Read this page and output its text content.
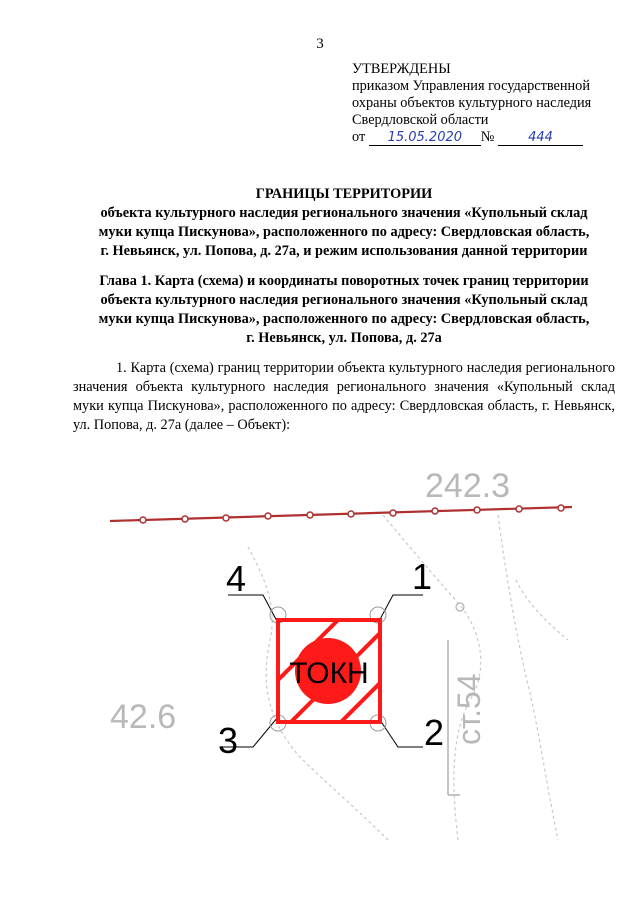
3
УТВЕРЖДЕНЫ
приказом Управления государственной
охраны объектов культурного наследия
Свердловской области
от 15.05.2020 №	444
ГРАНИЦЫ ТЕРРИТОРИИ
объекта культурного наследия регионального значения «Купольный склад
муки купца Пискунова», расположенного по адресу: Свердловская область,
г. Невьянск, ул. Попова, д. 27а, и режим использования данной территории
Глава 1. Карта (схема) и координаты поворотных точек границ территории
объекта культурного наследия регионального значения «Купольный склад
муки купца Пискунова», расположенного по адресу: Свердловская область,
г. Невьянск, ул. Попова, д. 27а
1. Карта (схема) границ территории объекта культурного наследия регионального значения объекта культурного наследия регионального значения «Купольный склад муки купца Пискунова», расположенного по адресу: Свердловская область, г. Невьянск, ул. Попова, д. 27а (далее – Объект):
242.3
42.6	ст.54
ТОКН
4	1
3	2
